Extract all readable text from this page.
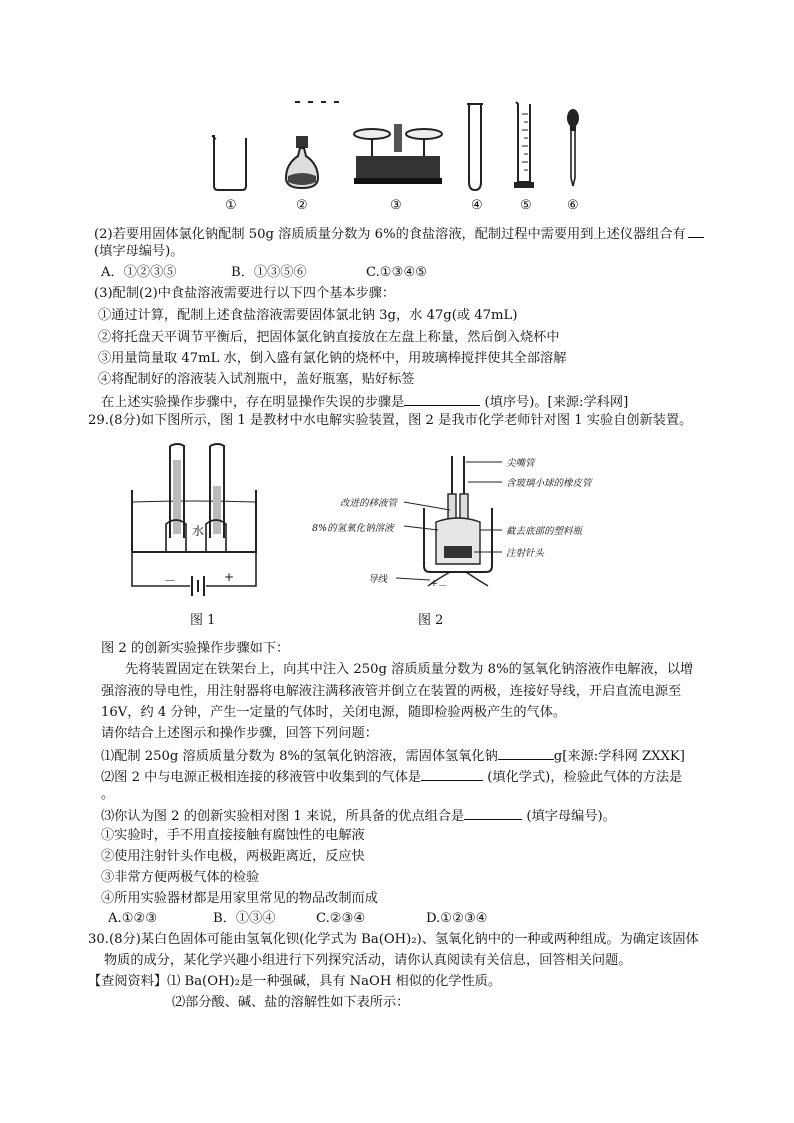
①	②	③	④	⑤	⑥
(2)若要用固体氯化钠配制 50g 溶质质量分数为 6%的食盐溶液，配制过程中需要用到上述仪器组合有
(填字母编号)。
A．①②③⑤	B．①③⑤⑥	C.①③④⑤
(3)配制(2)中食盐溶液需要进行以下四个基本步骤：
①通过计算，配制上述食盐溶液需要固体氯北钠 3g，水 47g(或 47mL)
②将托盘天平调节平衡后，把固体氯化钠直接放在左盘上称量，然后倒入烧杯中
③用量筒量取 47mL 水，倒入盛有氯化钠的烧杯中，用玻璃棒搅拌使其全部溶解
④将配制好的溶液装入试剂瓶中，盖好瓶塞，贴好标签
在上述实验操作步骤中，存在明显操作失误的步骤是	(填序号)。[来源:学科网]
29.(8分)如下图所示，图 1 是教材中水电解实验装置，图 2 是我市化学老师针对图 1 实验自创新装置。
水
－	+
图 1
尖嘴管
含玻璃小球的橡皮管
改进的移液管
8%的氢氧化钠溶液	截去底部的塑料瓶
注射针头
导线	+ －
图 2
图 2 的创新实验操作步骤如下：
先将装置固定在铁架台上，向其中注入 250g 溶质质量分数为 8%的氢氧化钠溶液作电解液，以增
强溶液的导电性，用注射器将电解液注满移液管并倒立在装置的两极，连接好导线，开启直流电源至
16V，约 4 分钟，产生一定量的气体时，关闭电源，随即检验两极产生的气体。
请你结合上述图示和操作步骤，回答下列问题：
⑴配制 250g 溶质质量分数为 8%的氢氧化钠溶液，需固体氢氧化钠	g[来源:学科网 ZXXK]
⑵图 2 中与电源正极相连接的移液管中收集到的气体是	(填化学式)，检验此气体的方法是
。
⑶你认为图 2 的创新实验相对图 1 来说，所具备的优点组合是	(填字母编号)。
①实验时，手不用直接接触有腐蚀性的电解液
②使用注射针头作电极，两极距离近，反应快
③非常方便两极气体的检验
④所用实验器材都是用家里常见的物品改制而成
A.①②③	B．①③④	C.②③④	D.①②③④
30.(8分)某白色固体可能由氢氧化钡(化学式为 Ba(OH)₂)、氢氧化钠中的一种或两种组成。为确定该固体
物质的成分，某化学兴趣小组进行下列探究活动，请你认真阅读有关信息，回答相关问题。
【查阅资料】⑴ Ba(OH)₂是一种强碱，具有 NaOH 相似的化学性质。
⑵部分酸、碱、盐的溶解性如下表所示：
